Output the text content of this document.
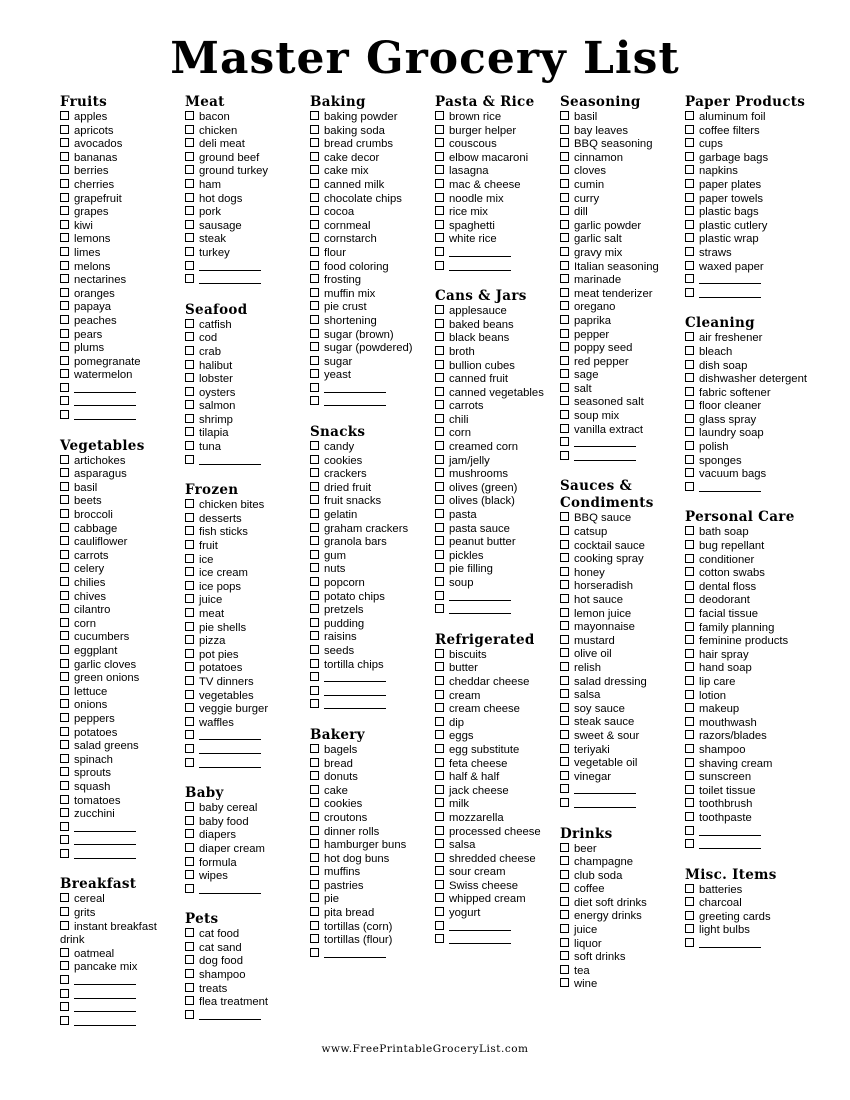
Master Grocery List
Fruits
apples
apricots
avocados
bananas
berries
cherries
grapefruit
grapes
kiwi
lemons
limes
melons
nectarines
oranges
papaya
peaches
pears
plums
pomegranate
watermelon
Vegetables
artichokes
asparagus
basil
beets
broccoli
cabbage
cauliflower
carrots
celery
chilies
chives
cilantro
corn
cucumbers
eggplant
garlic cloves
green onions
lettuce
onions
peppers
potatoes
salad greens
spinach
sprouts
squash
tomatoes
zucchini
Breakfast
cereal
grits
instant breakfast drink
oatmeal
pancake mix
Meat
bacon
chicken
deli meat
ground beef
ground turkey
ham
hot dogs
pork
sausage
steak
turkey
Seafood
catfish
cod
crab
halibut
lobster
oysters
salmon
shrimp
tilapia
tuna
Frozen
chicken bites
desserts
fish sticks
fruit
ice
ice cream
ice pops
juice
meat
pie shells
pizza
pot pies
potatoes
TV dinners
vegetables
veggie burger
waffles
Baby
baby cereal
baby food
diapers
diaper cream
formula
wipes
Pets
cat food
cat sand
dog food
shampoo
treats
flea treatment
Baking
baking powder
baking soda
bread crumbs
cake decor
cake mix
canned milk
chocolate chips
cocoa
cornmeal
cornstarch
flour
food coloring
frosting
muffin mix
pie crust
shortening
sugar (brown)
sugar (powdered)
sugar
yeast
Snacks
candy
cookies
crackers
dried fruit
fruit snacks
gelatin
graham crackers
granola bars
gum
nuts
popcorn
potato chips
pretzels
pudding
raisins
seeds
tortilla chips
Bakery
bagels
bread
donuts
cake
cookies
croutons
dinner rolls
hamburger buns
hot dog buns
muffins
pastries
pie
pita bread
tortillas (corn)
tortillas (flour)
Pasta & Rice
brown rice
burger helper
couscous
elbow macaroni
lasagna
mac & cheese
noodle mix
rice mix
spaghetti
white rice
Cans & Jars
applesauce
baked beans
black beans
broth
bullion cubes
canned fruit
canned vegetables
carrots
chili
corn
creamed corn
jam/jelly
mushrooms
olives (green)
olives (black)
pasta
pasta sauce
peanut butter
pickles
pie filling
soup
Refrigerated
biscuits
butter
cheddar cheese
cream
cream cheese
dip
eggs
egg substitute
feta cheese
half & half
jack cheese
milk
mozzarella
processed cheese
salsa
shredded cheese
sour cream
Swiss cheese
whipped cream
yogurt
Seasoning
basil
bay leaves
BBQ seasoning
cinnamon
cloves
cumin
curry
dill
garlic powder
garlic salt
gravy mix
Italian seasoning
marinade
meat tenderizer
oregano
paprika
pepper
poppy seed
red pepper
sage
salt
seasoned salt
soup mix
vanilla extract
Sauces & Condiments
BBQ sauce
catsup
cocktail sauce
cooking spray
honey
horseradish
hot sauce
lemon juice
mayonnaise
mustard
olive oil
relish
salad dressing
salsa
soy sauce
steak sauce
sweet & sour
teriyaki
vegetable oil
vinegar
Drinks
beer
champagne
club soda
coffee
diet soft drinks
energy drinks
juice
liquor
soft drinks
tea
wine
Paper Products
aluminum foil
coffee filters
cups
garbage bags
napkins
paper plates
paper towels
plastic bags
plastic cutlery
plastic wrap
straws
waxed paper
Cleaning
air freshener
bleach
dish soap
dishwasher detergent
fabric softener
floor cleaner
glass spray
laundry soap
polish
sponges
vacuum bags
Personal Care
bath soap
bug repellant
conditioner
cotton swabs
dental floss
deodorant
facial tissue
family planning
feminine products
hair spray
hand soap
lip care
lotion
makeup
mouthwash
razors/blades
shampoo
shaving cream
sunscreen
toilet tissue
toothbrush
toothpaste
Misc. Items
batteries
charcoal
greeting cards
light bulbs
www.FreePrintableGroceryList.com
